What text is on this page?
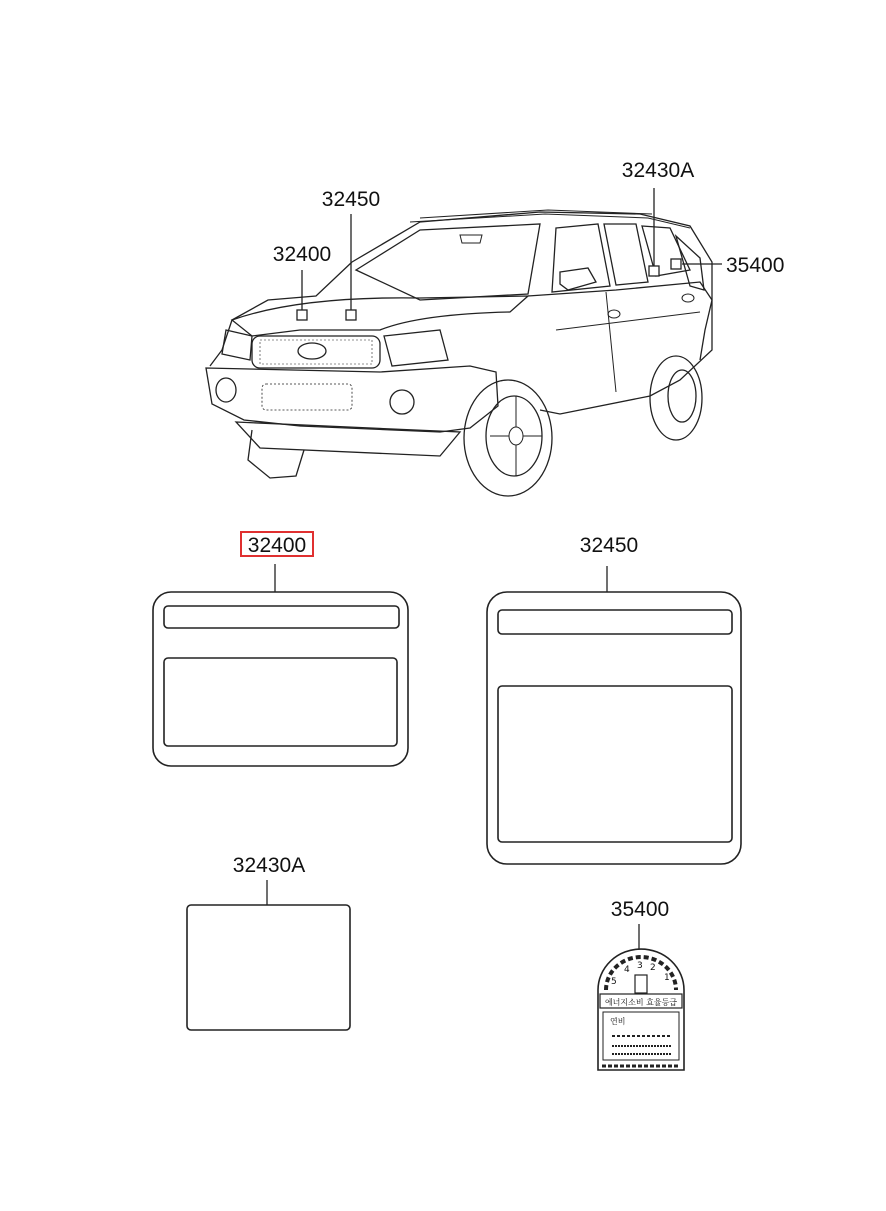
32450
32400
32430A
35400
32400	32450
32430A
35400
5
4 3 2
1
에너지소비 효율등급
연비
